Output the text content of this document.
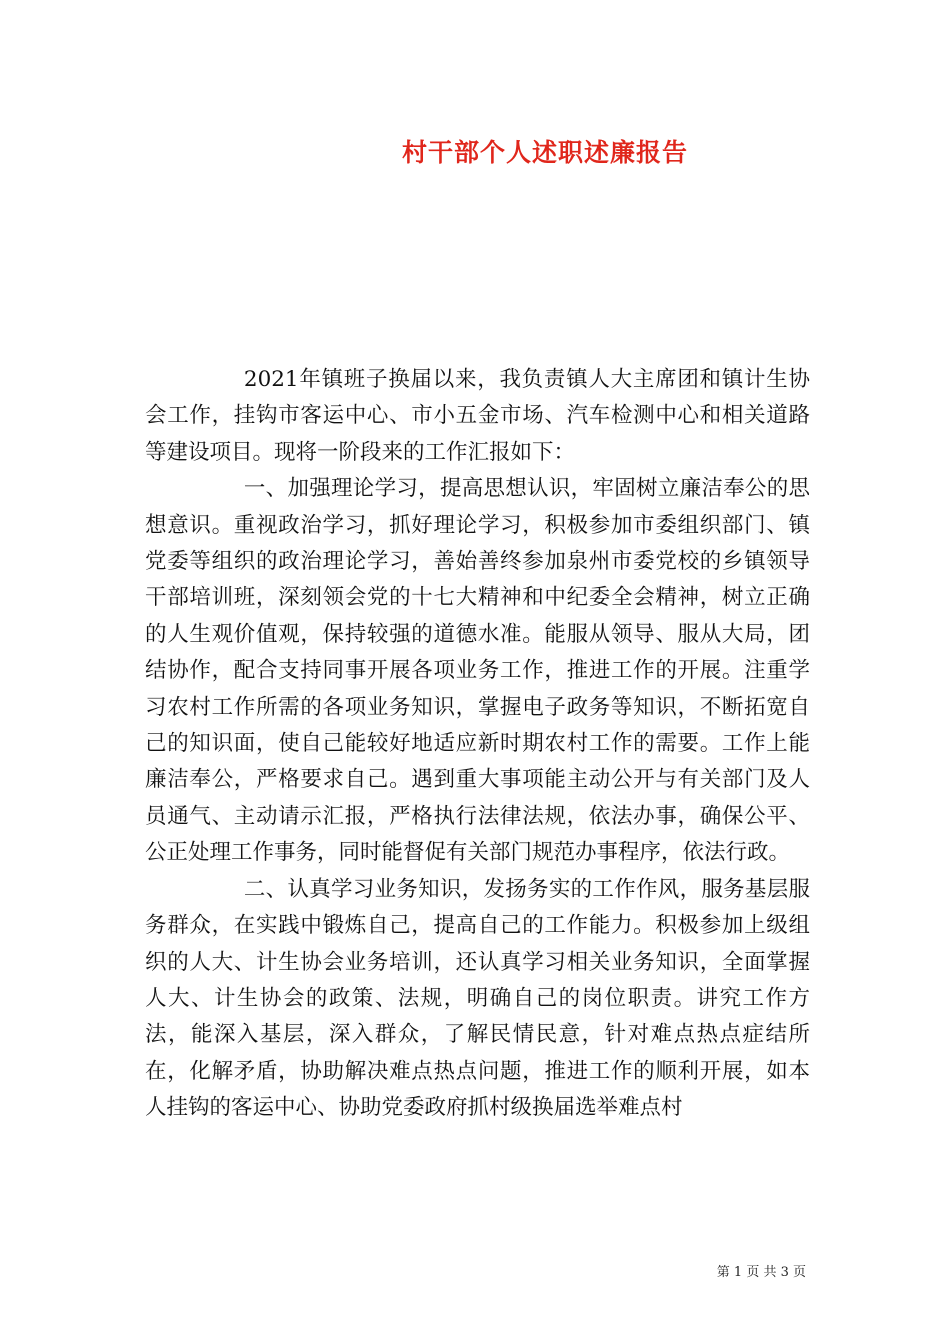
村干部个人述职述廉报告

2021年镇班子换届以来，我负责镇人大主席团和镇计生协会工作，挂钩市客运中心、市小五金市场、汽车检测中心和相关道路等建设项目。现将一阶段来的工作汇报如下：

一、加强理论学习，提高思想认识，牢固树立廉洁奉公的思想意识。重视政治学习，抓好理论学习，积极参加市委组织部门、镇党委等组织的政治理论学习，善始善终参加泉州市委党校的乡镇领导干部培训班，深刻领会党的十七大精神和中纪委全会精神，树立正确的人生观价值观，保持较强的道德水准。能服从领导、服从大局，团结协作，配合支持同事开展各项业务工作，推进工作的开展。注重学习农村工作所需的各项业务知识，掌握电子政务等知识，不断拓宽自己的知识面，使自己能较好地适应新时期农村工作的需要。工作上能廉洁奉公，严格要求自己。遇到重大事项能主动公开与有关部门及人员通气、主动请示汇报，严格执行法律法规，依法办事，确保公平、公正处理工作事务，同时能督促有关部门规范办事程序，依法行政。

二、认真学习业务知识，发扬务实的工作作风，服务基层服务群众，在实践中锻炼自己，提高自己的工作能力。积极参加上级组织的人大、计生协会业务培训，还认真学习相关业务知识，全面掌握人大、计生协会的政策、法规，明确自己的岗位职责。讲究工作方法，能深入基层，深入群众，了解民情民意，针对难点热点症结所在，化解矛盾，协助解决难点热点问题，推进工作的顺利开展，如本人挂钩的客运中心、协助党委政府抓村级换届选举难点村

第 1 页 共 3 页
